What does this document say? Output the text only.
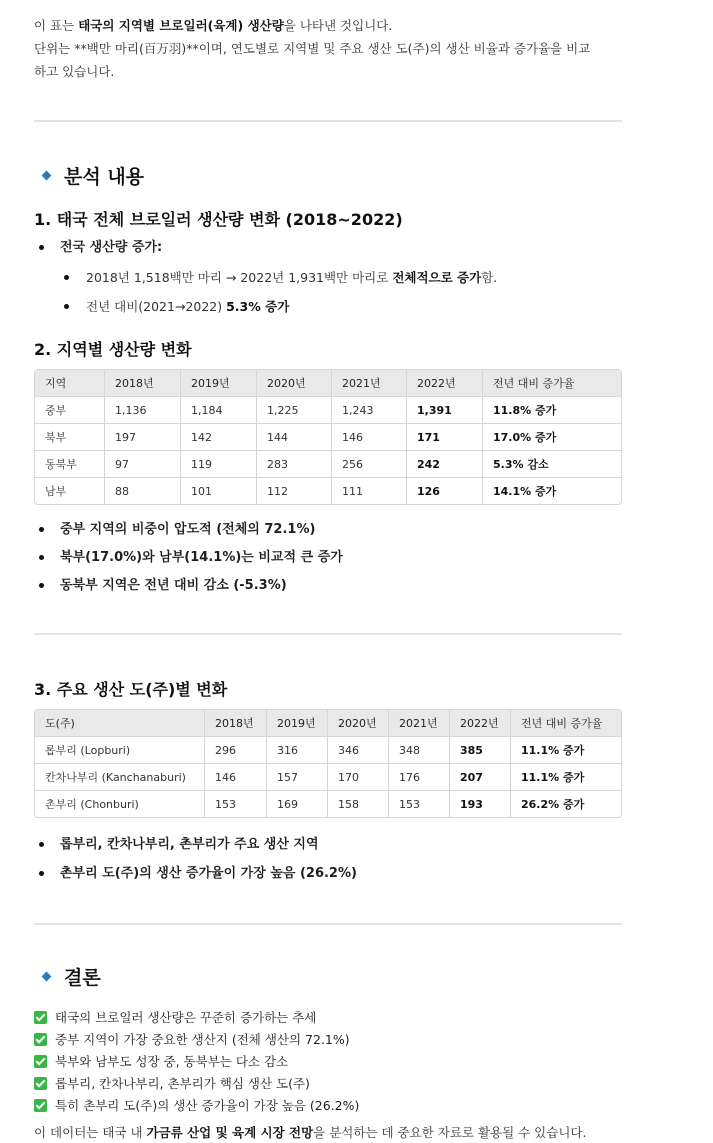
이 표는 태국의 지역별 브로일러(육계) 생산량을 나타낸 것입니다.
단위는 **백만 마리(百万羽)**이며, 연도별로 지역별 및 주요 생산 도(주)의 생산 비율과 증가율을 비교
하고 있습니다.
분석 내용
1. 태국 전체 브로일러 생산량 변화 (2018~2022)
전국 생산량 증가:
2018년 1,518백만 마리 → 2022년 1,931백만 마리로 전체적으로 증가함.
전년 대비(2021→2022) 5.3% 증가
2. 지역별 생산량 변화
지역	2018년	2019년	2020년	2021년	2022년	전년 대비 증가율
중부	1,136	1,184	1,225	1,243	1,391	11.8% 증가
북부	197	142	144	146	171	17.0% 증가
동북부	97	119	283	256	242	5.3% 감소
남부	88	101	112	111	126	14.1% 증가
중부 지역의 비중이 압도적 (전체의 72.1%)
북부(17.0%)와 남부(14.1%)는 비교적 큰 증가
동북부 지역은 전년 대비 감소 (-5.3%)
3. 주요 생산 도(주)별 변화
도(주)	2018년	2019년	2020년	2021년	2022년	전년 대비 증가율
롭부리 (Lopburi)	296	316	346	348	385	11.1% 증가
칸차나부리 (Kanchanaburi)	146	157	170	176	207	11.1% 증가
촌부리 (Chonburi)	153	169	158	153	193	26.2% 증가
롭부리, 칸차나부리, 촌부리가 주요 생산 지역
촌부리 도(주)의 생산 증가율이 가장 높음 (26.2%)
결론
태국의 브로일러 생산량은 꾸준히 증가하는 추세
중부 지역이 가장 중요한 생산지 (전체 생산의 72.1%)
북부와 남부도 성장 중, 동북부는 다소 감소
롭부리, 칸차나부리, 촌부리가 핵심 생산 도(주)
특히 촌부리 도(주)의 생산 증가율이 가장 높음 (26.2%)
이 데이터는 태국 내 가금류 산업 및 육계 시장 전망을 분석하는 데 중요한 자료로 활용될 수 있습니다.
